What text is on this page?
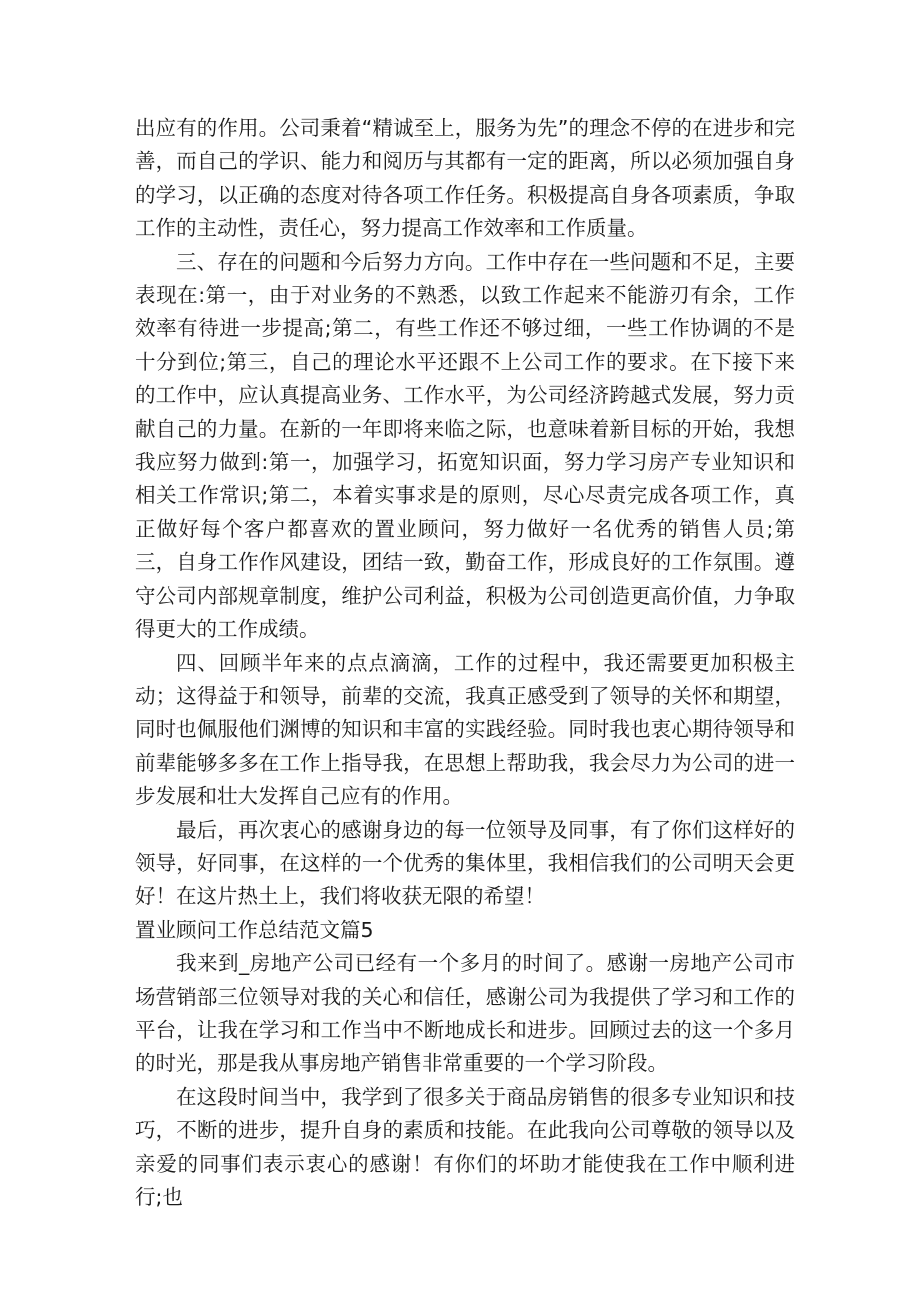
出应有的作用。公司秉着“精诚至上，服务为先”的理念不停的在进步和完善，而自己的学识、能力和阅历与其都有一定的距离，所以必须加强自身的学习，以正确的态度对待各项工作任务。积极提高自身各项素质，争取工作的主动性，责任心，努力提高工作效率和工作质量。

三、存在的问题和今后努力方向。工作中存在一些问题和不足，主要表现在:第一，由于对业务的不熟悉，以致工作起来不能游刃有余，工作效率有待进一步提高;第二，有些工作还不够过细，一些工作协调的不是十分到位;第三，自己的理论水平还跟不上公司工作的要求。在下接下来的工作中，应认真提高业务、工作水平，为公司经济跨越式发展，努力贡献自己的力量。在新的一年即将来临之际，也意味着新目标的开始，我想我应努力做到:第一，加强学习，拓宽知识面，努力学习房产专业知识和相关工作常识;第二，本着实事求是的原则，尽心尽责完成各项工作，真正做好每个客户都喜欢的置业顾问，努力做好一名优秀的销售人员;第三，自身工作作风建设，团结一致，勤奋工作，形成良好的工作氛围。遵守公司内部规章制度，维护公司利益，积极为公司创造更高价值，力争取得更大的工作成绩。

四、回顾半年来的点点滴滴，工作的过程中，我还需要更加积极主动；这得益于和领导，前辈的交流，我真正感受到了领导的关怀和期望，同时也佩服他们渊博的知识和丰富的实践经验。同时我也衷心期待领导和前辈能够多多在工作上指导我，在思想上帮助我，我会尽力为公司的进一步发展和壮大发挥自己应有的作用。

最后，再次衷心的感谢身边的每一位领导及同事，有了你们这样好的领导，好同事，在这样的一个优秀的集体里，我相信我们的公司明天会更好！在这片热土上，我们将收获无限的希望！

置业顾问工作总结范文篇5

我来到_房地产公司已经有一个多月的时间了。感谢一房地产公司市场营销部三位领导对我的关心和信任，感谢公司为我提供了学习和工作的平台，让我在学习和工作当中不断地成长和进步。回顾过去的这一个多月的时光，那是我从事房地产销售非常重要的一个学习阶段。

在这段时间当中，我学到了很多关于商品房销售的很多专业知识和技巧，不断的进步，提升自身的素质和技能。在此我向公司尊敬的领导以及亲爱的同事们表示衷心的感谢！有你们的坏助才能使我在工作中顺利进行;也
